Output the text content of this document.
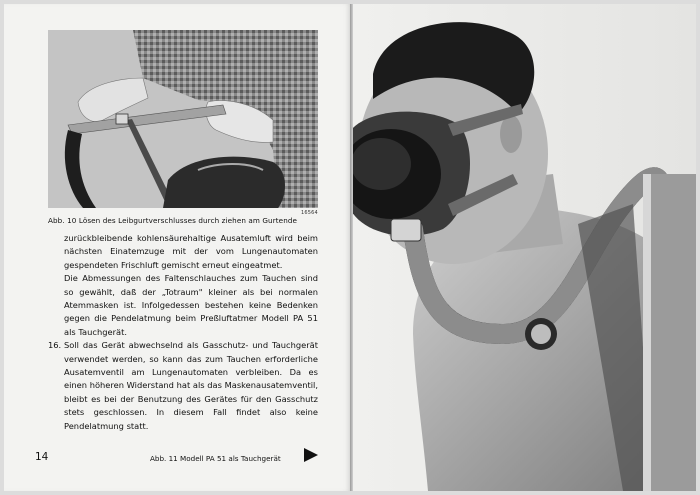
16564
Abb. 10 Lösen des Leibgurtverschlusses durch ziehen am Gurtende

zurückbleibende kohlensäurehaltige Ausatemluft wird beim nächsten Einatemzuge mit der vom Lungenautomaten gespendeten Frischluft gemischt erneut eingeatmet.

Die Abmessungen des Faltenschlauches zum Tauchen sind so gewählt, daß der „Totraum" kleiner als bei normalen Atemmasken ist. Infolgedessen bestehen keine Bedenken gegen die Pendelatmung beim Preßluftatmer Modell PA 51 als Tauchgerät.

16. Soll das Gerät abwechselnd als Gasschutz- und Tauchgerät verwendet werden, so kann das zum Tauchen erforderliche Ausatemventil am Lungenautomaten verbleiben. Da es einen höheren Widerstand hat als das Maskenausatemventil, bleibt es bei der Benutzung des Gerätes für den Gasschutz stets geschlossen. In diesem Fall findet also keine Pendelatmung statt.

14	Abb. 11 Modell PA 51 als Tauchgerät
